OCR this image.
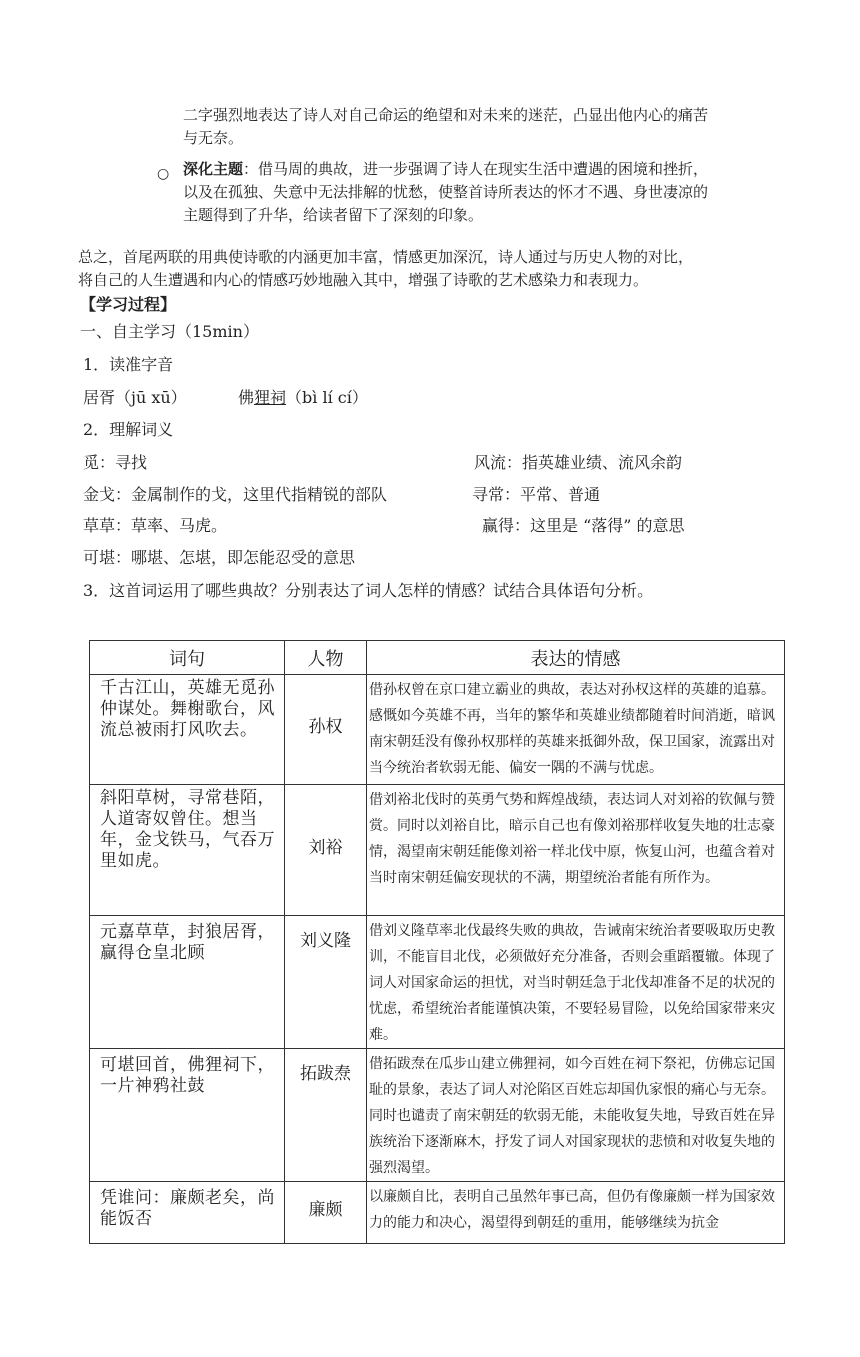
二字强烈地表达了诗人对自己命运的绝望和对未来的迷茫，凸显出他内心的痛苦
与无奈。
○ 深化主题：借马周的典故，进一步强调了诗人在现实生活中遭遇的困境和挫折，
以及在孤独、失意中无法排解的忧愁，使整首诗所表达的怀才不遇、身世凄凉的
主题得到了升华，给读者留下了深刻的印象。
总之，首尾两联的用典使诗歌的内涵更加丰富，情感更加深沉，诗人通过与历史人物的对比，
将自己的人生遭遇和内心的情感巧妙地融入其中，增强了诗歌的艺术感染力和表现力。
【学习过程】
一、自主学习（15min）
1．读准字音
居胥（jū xū）	佛狸祠（bì lí cí）
2．理解词义
觅：寻找	风流：指英雄业绩、流风余韵
金戈：金属制作的戈，这里代指精锐的部队	寻常：平常、普通
草草：草率、马虎。	赢得：这里是 “落得” 的意思
可堪：哪堪、怎堪，即怎能忍受的意思
3．这首词运用了哪些典故？分别表达了词人怎样的情感？试结合具体语句分析。
词句	人物	表达的情感
千古江山，英雄无觅孙仲谋处。舞榭歌台，风流总被雨打风吹去。	孙权	借孙权曾在京口建立霸业的典故，表达对孙权这样的英雄的追慕。感慨如今英雄不再，当年的繁华和英雄业绩都随着时间消逝，暗讽南宋朝廷没有像孙权那样的英雄来抵御外敌，保卫国家，流露出对当今统治者软弱无能、偏安一隅的不满与忧虑。
斜阳草树，寻常巷陌，人道寄奴曾住。想当年，金戈铁马，气吞万里如虎。	刘裕	借刘裕北伐时的英勇气势和辉煌战绩，表达词人对刘裕的钦佩与赞赏。同时以刘裕自比，暗示自己也有像刘裕那样收复失地的壮志豪情，渴望南宋朝廷能像刘裕一样北伐中原，恢复山河，也蕴含着对当时南宋朝廷偏安现状的不满，期望统治者能有所作为。
元嘉草草，封狼居胥，赢得仓皇北顾	刘义隆	借刘义隆草率北伐最终失败的典故，告诫南宋统治者要吸取历史教训，不能盲目北伐，必须做好充分准备，否则会重蹈覆辙。体现了词人对国家命运的担忧，对当时朝廷急于北伐却准备不足的状况的忧虑，希望统治者能谨慎决策，不要轻易冒险，以免给国家带来灾难。
可堪回首，佛狸祠下，一片神鸦社鼓	拓跋焘	借拓跋焘在瓜步山建立佛狸祠，如今百姓在祠下祭祀，仿佛忘记国耻的景象，表达了词人对沦陷区百姓忘却国仇家恨的痛心与无奈。同时也谴责了南宋朝廷的软弱无能，未能收复失地，导致百姓在异族统治下逐渐麻木，抒发了词人对国家现状的悲愤和对收复失地的强烈渴望。
凭谁问：廉颇老矣，尚能饭否	廉颇	以廉颇自比，表明自己虽然年事已高，但仍有像廉颇一样为国家效力的能力和决心，渴望得到朝廷的重用，能够继续为抗金
